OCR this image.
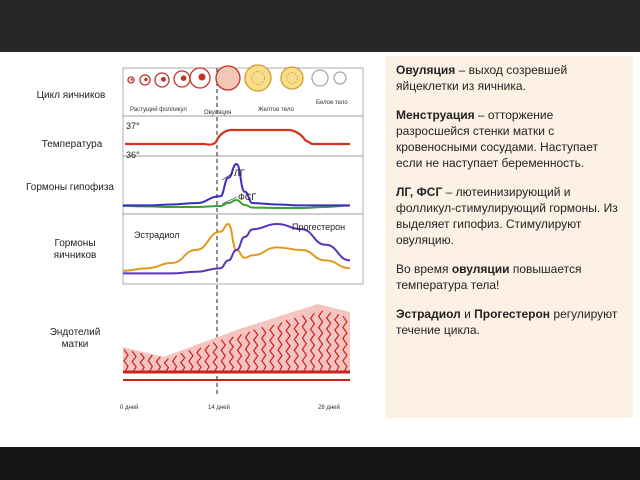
Цикл яичников
Температура
Гормоны гипофиза
Гормоны
яичников
Эндотелий
матки
Растущий фолликул	Овуляция	Желтое тело
Белое тело
37°
36°
ЛГ
ФСГ
Эстрадиол
Прогестерон
0 дней	14 дней	28 дней

Овуляция – выход созревшей яйцеклетки из яичника.

Менструация – отторжение разросшейся стенки матки с кровеносными сосудами. Наступает если не наступает беременность.

ЛГ, ФСГ – лютеинизирующий и фолликул-стимулирующий гормоны. Из выделяет гипофиз. Стимулируют овуляцию.

Во время овуляции повышается температура тела!

Эстрадиол и Прогестерон регулируют течение цикла.
